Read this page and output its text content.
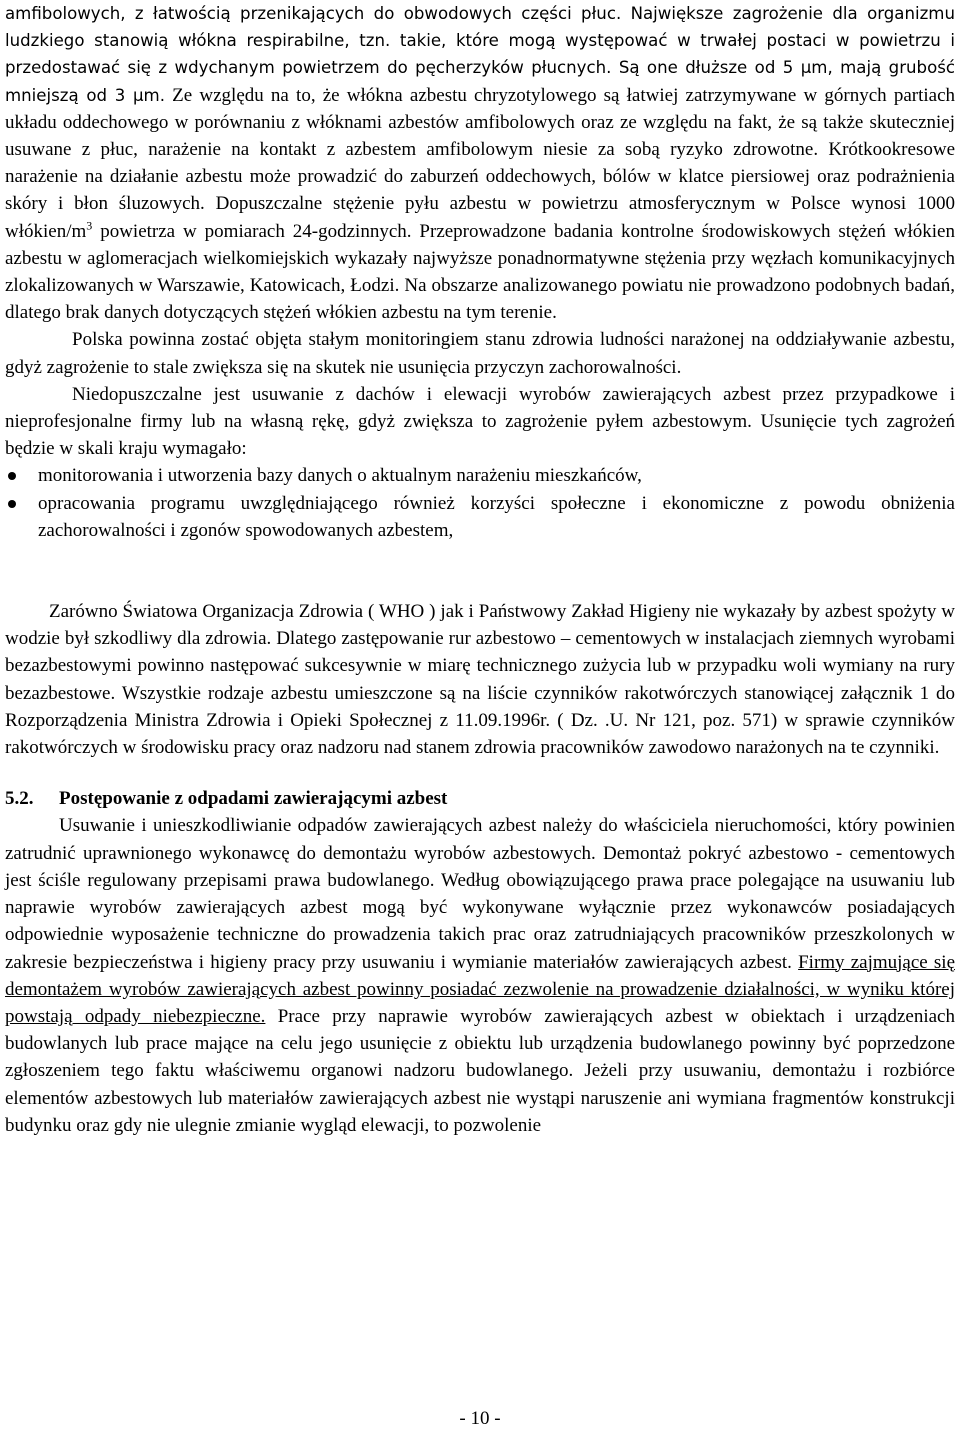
amfibolowych, z łatwością przenikających do obwodowych części płuc. Największe zagrożenie dla organizmu ludzkiego stanowią włókna respirabilne, tzn. takie, które mogą występować w trwałej postaci w powietrzu i przedostawać się z wdychanym powietrzem do pęcherzyków płucnych. Są one dłuższe od 5 µm, mają grubość mniejszą od 3 µm. Ze względu na to, że włókna azbestu chryzotylowego są łatwiej zatrzymywane w górnych partiach układu oddechowego w porównaniu z włóknami azbestów amfibolowych oraz ze względu na fakt, że są także skuteczniej usuwane z płuc, narażenie na kontakt z azbestem amfibolowym niesie za sobą ryzyko zdrowotne. Krótkookresowe narażenie na działanie azbestu może prowadzić do zaburzeń oddechowych, bólów w klatce piersiowej oraz podrażnienia skóry i błon śluzowych. Dopuszczalne stężenie pyłu azbestu w powietrzu atmosferycznym w Polsce wynosi 1000 włókien/$m^3$ powietrza w pomiarach 24-godzinnych. Przeprowadzone badania kontrolne środowiskowych stężeń włókien azbestu w aglomeracjach wielkomiejskich wykazały najwyższe ponadnormatywne stężenia przy węzłach komunikacyjnych zlokalizowanych w Warszawie, Katowicach, Łodzi. Na obszarze analizowanego powiatu nie prowadzono podobnych badań, dlatego brak danych dotyczących stężeń włókien azbestu na tym terenie.

Polska powinna zostać objęta stałym monitoringiem stanu zdrowia ludności narażonej na oddziaływanie azbestu, gdyż zagrożenie to stale zwiększa się na skutek nie usunięcia przyczyn zachorowalności.

Niedopuszczalne jest usuwanie z dachów i elewacji wyrobów zawierających azbest przez przypadkowe i nieprofesjonalne firmy lub na własną rękę, gdyż zwiększa to zagrożenie pyłem azbestowym. Usunięcie tych zagrożeń będzie w skali kraju wymagało:

monitorowania i utworzenia bazy danych o aktualnym narażeniu mieszkańców,
opracowania programu uwzględniającego również korzyści społeczne i ekonomiczne z powodu obniżenia zachorowalności i zgonów spowodowanych azbestem,

Zarówno Światowa Organizacja Zdrowia ( WHO ) jak i Państwowy Zakład Higieny nie wykazały by azbest spożyty w wodzie był szkodliwy dla zdrowia. Dlatego zastępowanie rur azbestowo – cementowych w instalacjach ziemnych wyrobami bezazbestowymi powinno następować sukcesywnie w miarę technicznego zużycia lub w przypadku woli wymiany na rury bezazbestowe. Wszystkie rodzaje azbestu umieszczone są na liście czynników rakotwórczych stanowiącej załącznik 1 do Rozporządzenia Ministra Zdrowia i Opieki Społecznej z 11.09.1996r. ( Dz. .U. Nr 121, poz. 571) w sprawie czynników rakotwórczych w środowisku pracy oraz nadzoru nad stanem zdrowia pracowników zawodowo narażonych na te czynniki.

5.2. Postępowanie z odpadami zawierającymi azbest

Usuwanie i unieszkodliwianie odpadów zawierających azbest należy do właściciela nieruchomości, który powinien zatrudnić uprawnionego wykonawcę do demontażu wyrobów azbestowych. Demontaż pokryć azbestowo - cementowych jest ściśle regulowany przepisami prawa budowlanego. Według obowiązującego prawa prace polegające na usuwaniu lub naprawie wyrobów zawierających azbest mogą być wykonywane wyłącznie przez wykonawców posiadających odpowiednie wyposażenie techniczne do prowadzenia takich prac oraz zatrudniających pracowników przeszkolonych w zakresie bezpieczeństwa i higieny pracy przy usuwaniu i wymianie materiałów zawierających azbest. Firmy zajmujące się demontażem wyrobów zawierających azbest powinny posiadać zezwolenie na prowadzenie działalności, w wyniku której powstają odpady niebezpieczne. Prace przy naprawie wyrobów zawierających azbest w obiektach i urządzeniach budowlanych lub prace mające na celu jego usunięcie z obiektu lub urządzenia budowlanego powinny być poprzedzone zgłoszeniem tego faktu właściwemu organowi nadzoru budowlanego. Jeżeli przy usuwaniu, demontażu i rozbiórce elementów azbestowych lub materiałów zawierających azbest nie wystąpi naruszenie ani wymiana fragmentów konstrukcji budynku oraz gdy nie ulegnie zmianie wygląd elewacji, to pozwolenie

- 10 -
